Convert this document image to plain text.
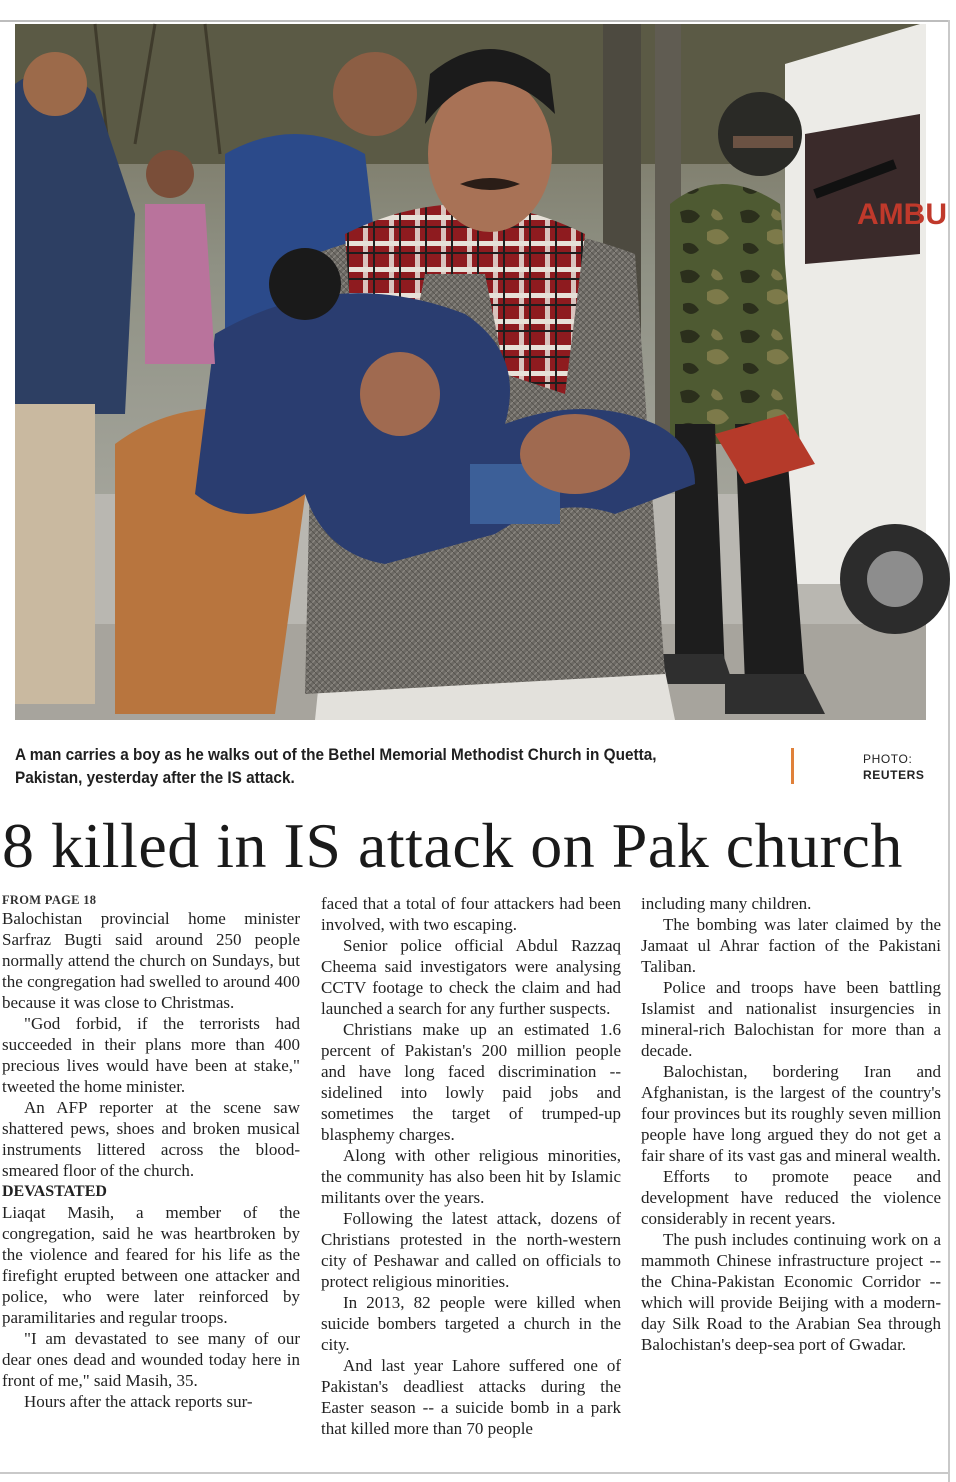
AMBU
A man carries a boy as he walks out of the Bethel Memorial Methodist Church in Quetta, Pakistan, yesterday after the IS attack.
PHOTO:
REUTERS
8 killed in IS attack on Pak church

FROM PAGE 18

Balochistan provincial home minister Sarfraz Bugti said around 250 people normally attend the church on Sundays, but the congregation had swelled to around 400 because it was close to Christmas.

"God forbid, if the terrorists had succeeded in their plans more than 400 precious lives would have been at stake," tweeted the home minister.

An AFP reporter at the scene saw shattered pews, shoes and broken musical instruments littered across the blood-smeared floor of the church.

DEVASTATED

Liaqat Masih, a member of the congregation, said he was heartbroken by the violence and feared for his life as the firefight erupted between one attacker and police, who were later reinforced by paramilitaries and regular troops.

"I am devastated to see many of our dear ones dead and wounded today here in front of me," said Masih, 35.

Hours after the attack reports sur-

faced that a total of four attackers had been involved, with two escaping.

Senior police official Abdul Razzaq Cheema said investigators were analysing CCTV footage to check the claim and had launched a search for any further suspects.

Christians make up an estimated 1.6 percent of Pakistan's 200 million people and have long faced discrimination -- sidelined into lowly paid jobs and sometimes the target of trumped-up blasphemy charges.

Along with other religious minorities, the community has also been hit by Islamic militants over the years.

Following the latest attack, dozens of Christians protested in the north-western city of Peshawar and called on officials to protect religious minorities.

In 2013, 82 people were killed when suicide bombers targeted a church in the city.

And last year Lahore suffered one of Pakistan's deadliest attacks during the Easter season -- a suicide bomb in a park that killed more than 70 people

including many children.

The bombing was later claimed by the Jamaat ul Ahrar faction of the Pakistani Taliban.

Police and troops have been battling Islamist and nationalist insurgencies in mineral-rich Balochistan for more than a decade.

Balochistan, bordering Iran and Afghanistan, is the largest of the country's four provinces but its roughly seven million people have long argued they do not get a fair share of its vast gas and mineral wealth.

Efforts to promote peace and development have reduced the violence considerably in recent years.

The push includes continuing work on a mammoth Chinese infrastructure project -- the China-Pakistan Economic Corridor -- which will provide Beijing with a modern-day Silk Road to the Arabian Sea through Balochistan's deep-sea port of Gwadar.
